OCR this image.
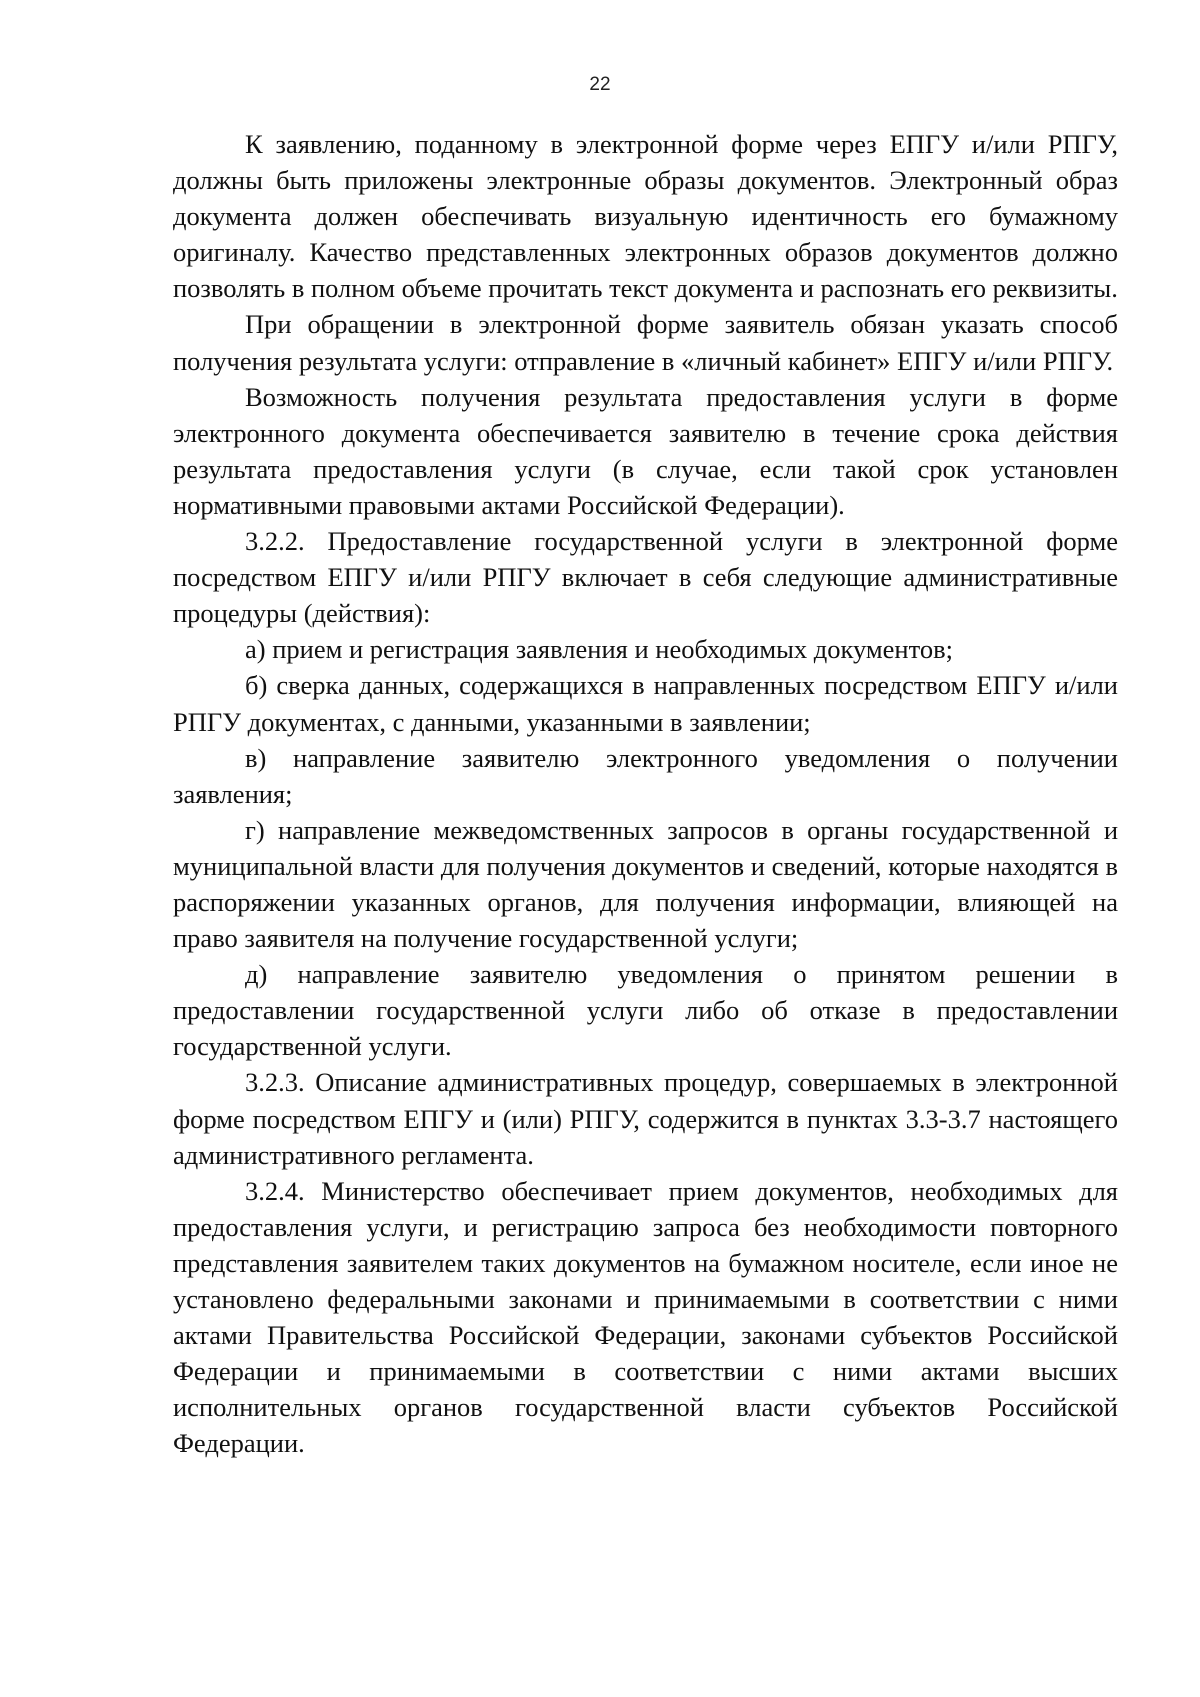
22

К заявлению, поданному в электронной форме через ЕПГУ и/или РПГУ, должны быть приложены электронные образы документов. Электронный образ документа должен обеспечивать визуальную идентичность его бумажному оригиналу. Качество представленных электронных образов документов должно позволять в полном объеме прочитать текст документа и распознать его реквизиты.

При обращении в электронной форме заявитель обязан указать способ получения результата услуги: отправление в «личный кабинет» ЕПГУ и/или РПГУ.

Возможность получения результата предоставления услуги в форме электронного документа обеспечивается заявителю в течение срока действия результата предоставления услуги (в случае, если такой срок установлен нормативными правовыми актами Российской Федерации).

3.2.2. Предоставление государственной услуги в электронной форме посредством ЕПГУ и/или РПГУ включает в себя следующие административные процедуры (действия):

а) прием и регистрация заявления и необходимых документов;

б) сверка данных, содержащихся в направленных посредством ЕПГУ и/или РПГУ документах, с данными, указанными в заявлении;

в) направление заявителю электронного уведомления о получении заявления;

г) направление межведомственных запросов в органы государственной и муниципальной власти для получения документов и сведений, которые находятся в распоряжении указанных органов, для получения информации, влияющей на право заявителя на получение государственной услуги;

д) направление заявителю уведомления о принятом решении в предоставлении государственной услуги либо об отказе в предоставлении государственной услуги.

3.2.3. Описание административных процедур, совершаемых в электронной форме посредством ЕПГУ и (или) РПГУ, содержится в пунктах 3.3-3.7 настоящего административного регламента.

3.2.4. Министерство обеспечивает прием документов, необходимых для предоставления услуги, и регистрацию запроса без необходимости повторного представления заявителем таких документов на бумажном носителе, если иное не установлено федеральными законами и принимаемыми в соответствии с ними актами Правительства Российской Федерации, законами субъектов Российской Федерации и принимаемыми в соответствии с ними актами высших исполнительных органов государственной власти субъектов Российской Федерации.
